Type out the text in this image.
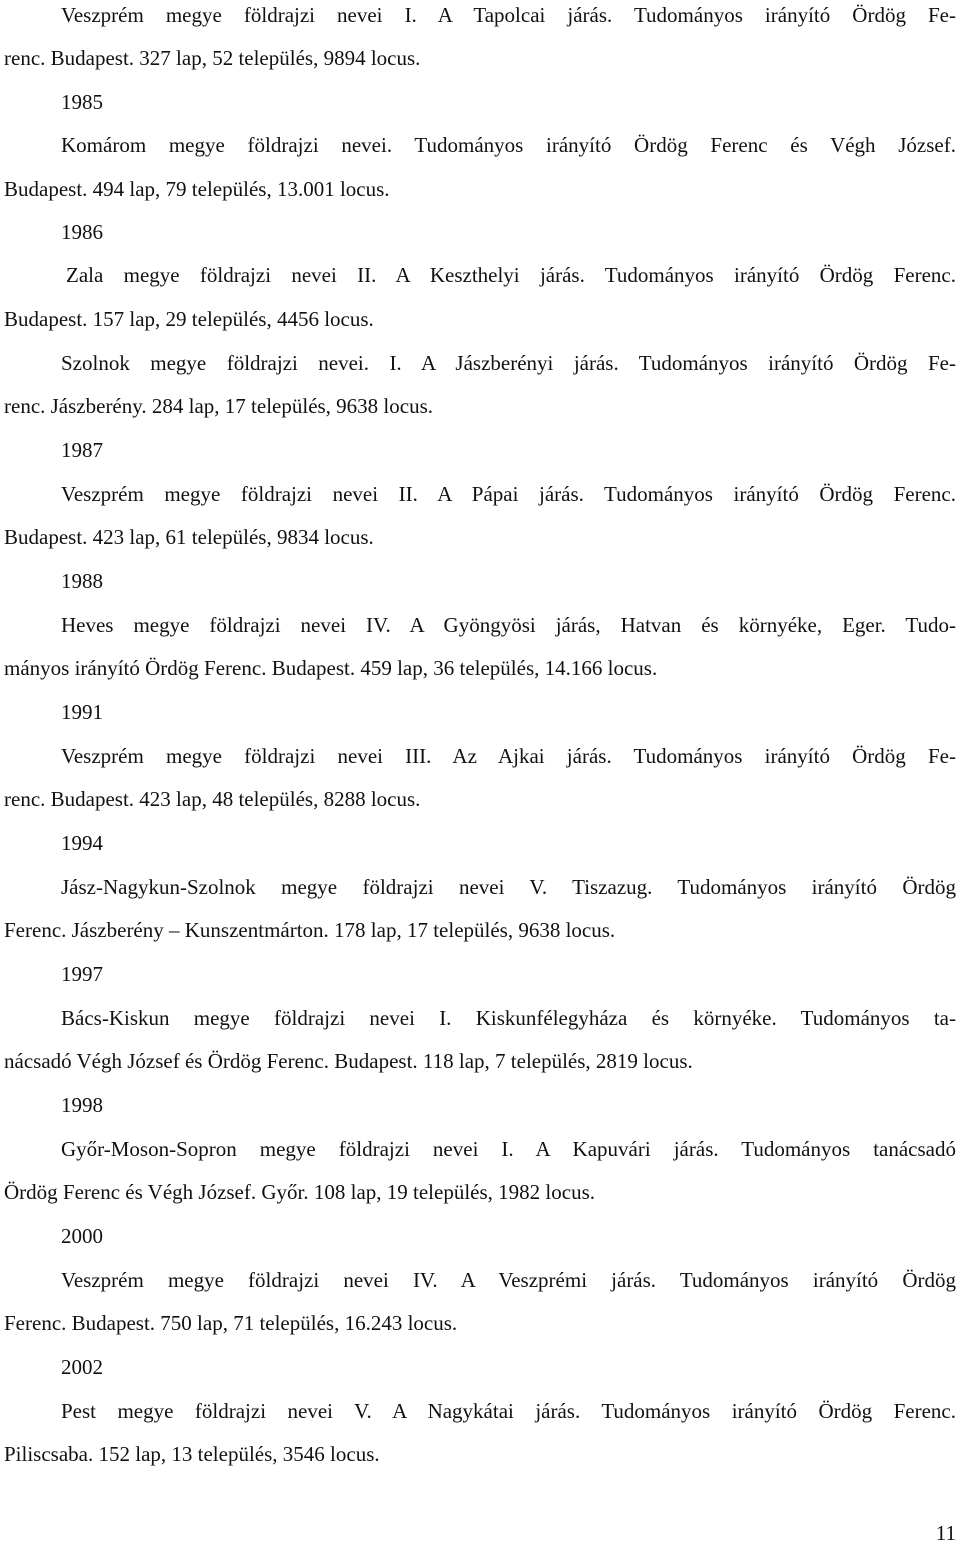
Veszprém megye földrajzi nevei I. A Tapolcai járás. Tudományos irányító Ördög Fe-
renc. Budapest. 327 lap, 52 település, 9894 locus.
1985
Komárom megye földrajzi nevei. Tudományos irányító Ördög Ferenc és Végh József.
Budapest. 494 lap, 79 település, 13.001 locus.
1986
Zala megye földrajzi nevei II. A Keszthelyi járás. Tudományos irányító Ördög Ferenc.
Budapest. 157 lap, 29 település, 4456 locus.
Szolnok megye földrajzi nevei. I. A Jászberényi járás. Tudományos irányító Ördög Fe-
renc. Jászberény. 284 lap, 17 település, 9638 locus.
1987
Veszprém megye földrajzi nevei II. A Pápai járás. Tudományos irányító Ördög Ferenc.
Budapest. 423 lap, 61 település, 9834 locus.
1988
Heves megye földrajzi nevei IV. A Gyöngyösi járás, Hatvan és környéke, Eger. Tudo-
mányos irányító Ördög Ferenc. Budapest. 459 lap, 36 település, 14.166 locus.
1991
Veszprém megye földrajzi nevei III. Az Ajkai járás. Tudományos irányító Ördög Fe-
renc. Budapest. 423 lap, 48 település, 8288 locus.
1994
Jász-Nagykun-Szolnok megye földrajzi nevei V. Tiszazug. Tudományos irányító Ördög
Ferenc. Jászberény – Kunszentmárton. 178 lap, 17 település, 9638 locus.
1997
Bács-Kiskun megye földrajzi nevei I. Kiskunfélegyháza és környéke. Tudományos ta-
nácsadó Végh József és Ördög Ferenc. Budapest. 118 lap, 7 település, 2819 locus.
1998
Győr-Moson-Sopron megye földrajzi nevei I. A Kapuvári járás. Tudományos tanácsadó
Ördög Ferenc és Végh József. Győr. 108 lap, 19 település, 1982 locus.
2000
Veszprém megye földrajzi nevei IV. A Veszprémi járás. Tudományos irányító Ördög
Ferenc. Budapest. 750 lap, 71 település, 16.243 locus.
2002
Pest megye földrajzi nevei V. A Nagykátai járás. Tudományos irányító Ördög Ferenc.
Piliscsaba. 152 lap, 13 település, 3546 locus.
11
